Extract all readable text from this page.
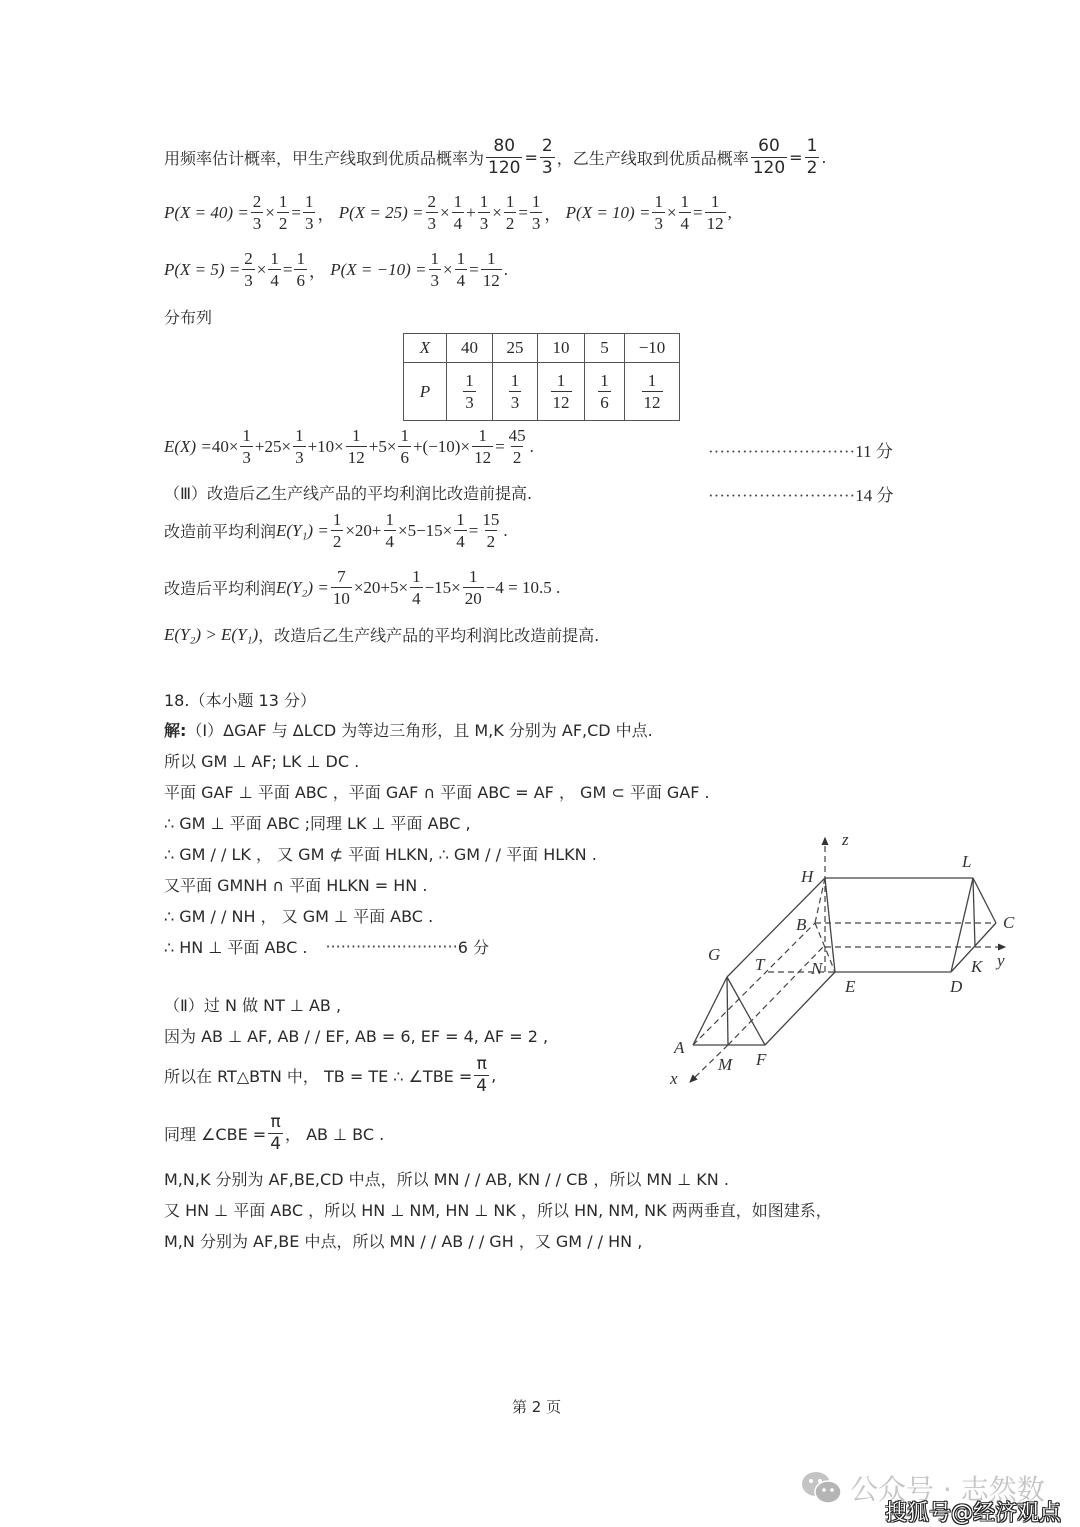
用频率估计概率，甲生产线取到优质品概率为 $\frac{80}{120} = \frac{2}{3}$ ，乙生产线取到优质品概率 $\frac{60}{120} = \frac{1}{2}$ .
$P(X = 40) = \frac{2}{3} \times \frac{1}{2} = \frac{1}{3}$ ， $P(X = 25) = \frac{2}{3} \times \frac{1}{4} + \frac{1}{3} \times \frac{1}{2} = \frac{1}{3}$ ， $P(X = 10) = \frac{1}{3} \times \frac{1}{4} = \frac{1}{12}$ ,
$P(X = 5) = \frac{2}{3} \times \frac{1}{4} = \frac{1}{6}$ ， $P(X = -10) = \frac{1}{3} \times \frac{1}{4} = \frac{1}{12}$ .
分布列
X	40	25	10	5	−10
P	$\frac{1}{3}$	$\frac{1}{3}$	$\frac{1}{12}$	$\frac{1}{6}$	$\frac{1}{12}$
$E(X) = 40\times \frac{1}{3} +25\times \frac{1}{3} +10\times \frac{1}{12} +5\times \frac{1}{6} +(-10)\times \frac{1}{12} = \frac{45}{2}$ .	··························11 分
（Ⅲ）改造后乙生产线产品的平均利润比改造前提高.	··························14 分
改造前平均利润 $E(Y_1) = \frac{1}{2} \times 20+ \frac{1}{4} \times 5-15\times \frac{1}{4} = \frac{15}{2}$ .
改造后平均利润 $E(Y_2) = \frac{7}{10} \times 20+5\times \frac{1}{4} -15\times \frac{1}{20} -4 = 10.5$ .
E(Y₂) > E(Y₁) ，改造后乙生产线产品的平均利润比改造前提高.
18.（本小题 13 分）
解: （Ⅰ）ΔGAF 与 ΔLCD 为等边三角形，且 M,K 分别为 AF,CD 中点.
所以 GM ⊥ AF; LK ⊥ DC .
平面 GAF ⊥ 平面 ABC ，平面 GAF ∩ 平面 ABC = AF ， GM ⊂ 平面 GAF .
∴ GM ⊥ 平面 ABC ;同理 LK ⊥ 平面 ABC ,
∴ GM / / LK ， 又 GM ⊄ 平面 HLKN, ∴ GM / / 平面 HLKN .
又平面 GMNH ∩ 平面 HLKN = HN .
∴ GM / / NH ， 又 GM ⊥ 平面 ABC .
∴ HN ⊥ 平面 ABC . ·························· 6 分
（Ⅱ）过 N 做 NT ⊥ AB ,
因为 AB ⊥ AF, AB / / EF, AB = 6, EF = 4, AF = 2 ,
所以在 RT△BTN 中， TB = TE ∴ ∠TBE = $\frac{\pi}{4}$ ,
同理 ∠CBE = $\frac{\pi}{4}$ ， AB ⊥ BC .
M,N,K 分别为 AF,BE,CD 中点，所以 MN / / AB, KN / / CB ，所以 MN ⊥ KN .
又 HN ⊥ 平面 ABC ，所以 HN ⊥ NM, HN ⊥ NK ，所以 HN, NM, NK 两两垂直，如图建系，
M,N 分别为 AF,BE 中点，所以 MN / / AB / / GH ，又 GM / / HN ,
z
H
L
B	C
G
T	N	K y
E	D
A
M F
x
第 2 页
公众号 · 志然数
搜狐号@经济观点
